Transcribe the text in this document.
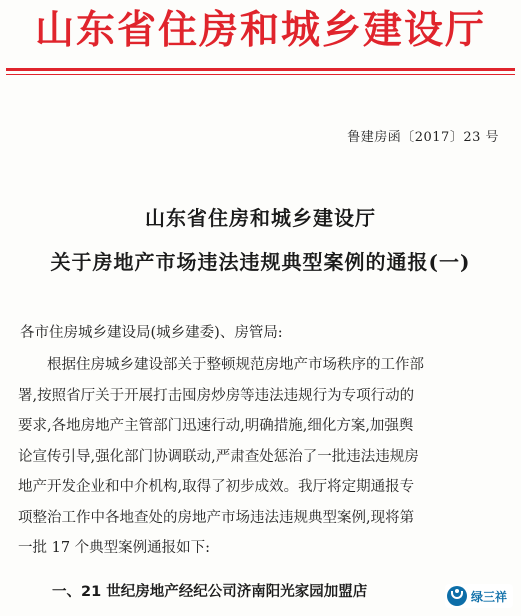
山东省住房和城乡建设厅
鲁建房函〔2017〕23 号
山东省住房和城乡建设厅
关于房地产市场违法违规典型案例的通报(一)
各市住房城乡建设局(城乡建委)、房管局:
根据住房城乡建设部关于整顿规范房地产市场秩序的工作部
署,按照省厅关于开展打击囤房炒房等违法违规行为专项行动的
要求,各地房地产主管部门迅速行动,明确措施,细化方案,加强舆
论宣传引导,强化部门协调联动,严肃查处惩治了一批违法违规房
地产开发企业和中介机构,取得了初步成效。我厅将定期通报专
项整治工作中各地查处的房地产市场违法违规典型案例,现将第
一批 17 个典型案例通报如下:
一、21 世纪房地产经纪公司济南阳光家园加盟店	绿三祥
